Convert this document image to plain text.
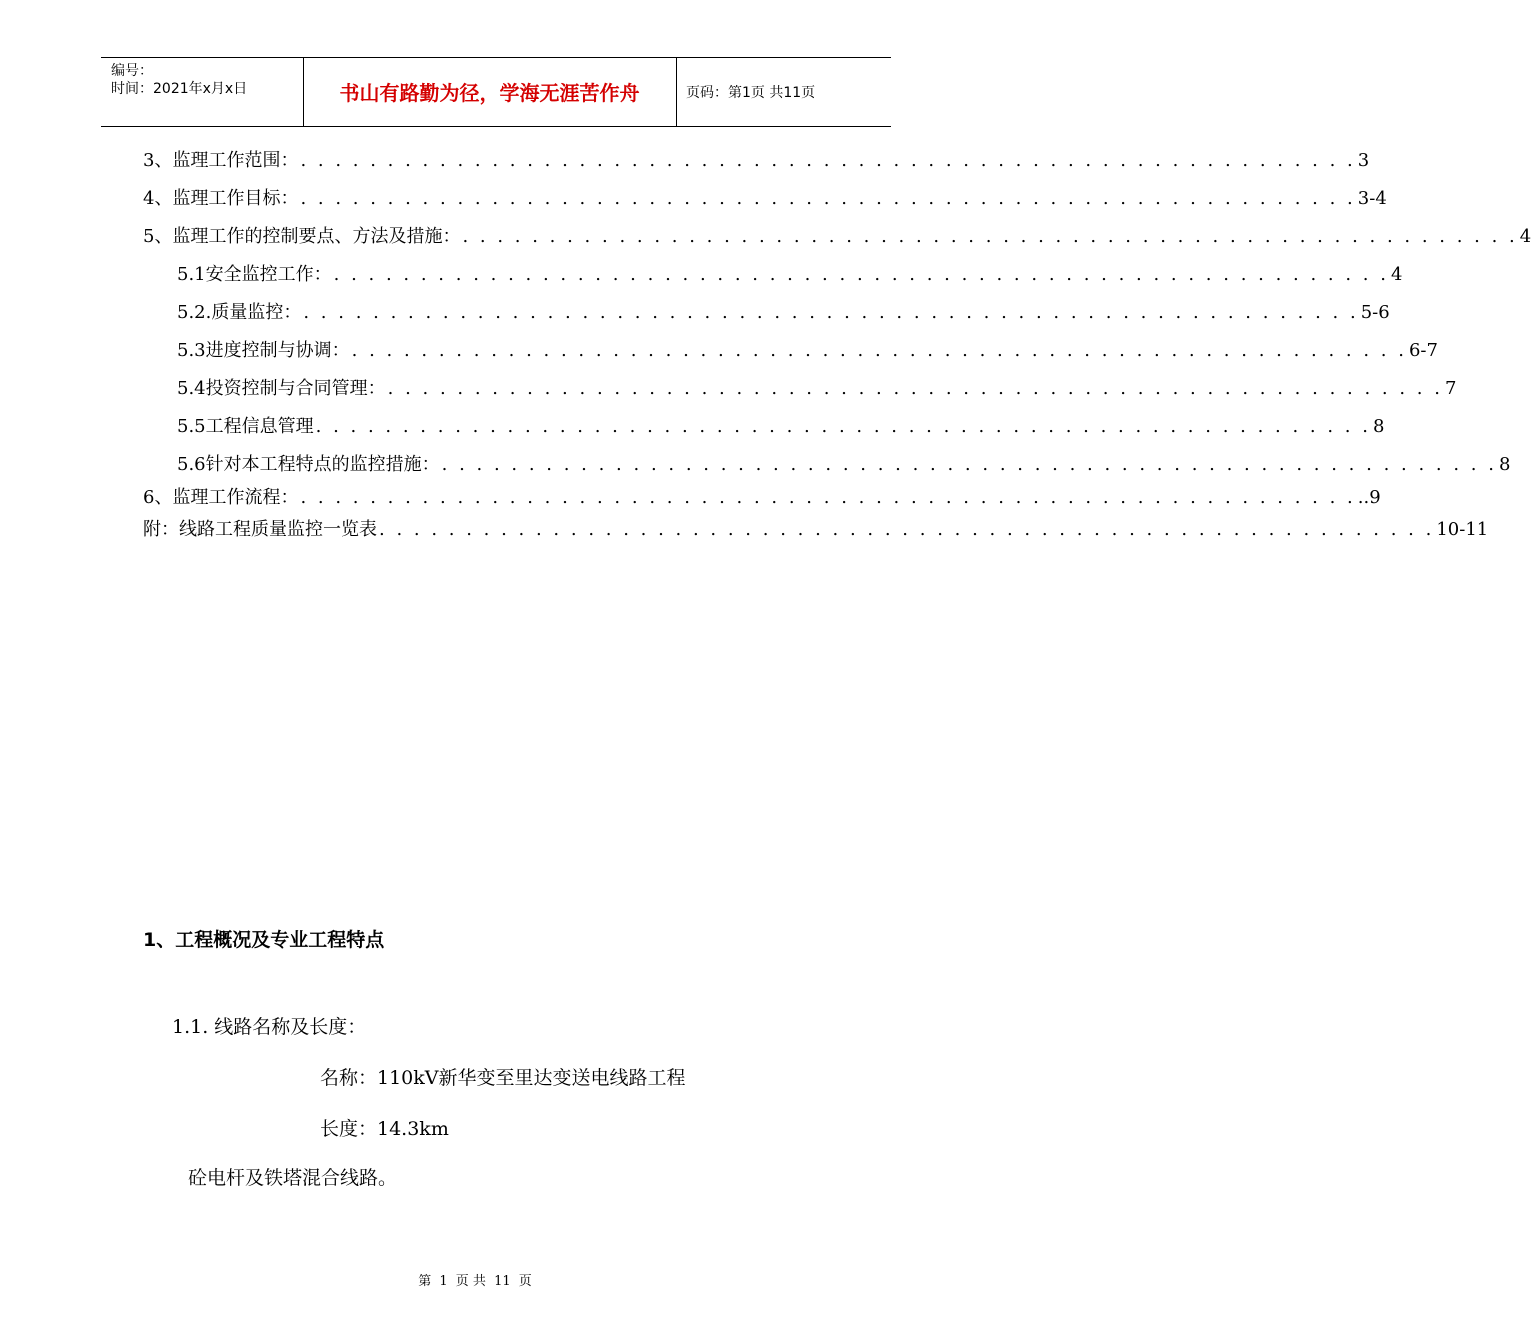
编号：
时间：2021年x月x日	书山有路勤为径，学海无涯苦作舟	页码：第1页 共11页
3、监理工作范围： . . . . . . . . . . . . . . . . . . . . . . . . . . . . . . . . . . . . . . . . . . . . . . . . . . . . . . . . . . . . . 3
4、监理工作目标： . . . . . . . . . . . . . . . . . . . . . . . . . . . . . . . . . . . . . . . . . . . . . . . . . . . . . . . . . . . . . 3-4
5、监理工作的控制要点、方法及措施： . . . . . . . . . . . . . . . . . . . . . . . . . . . . . . . . . . . . . . . . . . . . . . . . . . . . . . . . . . . . . 4
5.1安全监控工作： . . . . . . . . . . . . . . . . . . . . . . . . . . . . . . . . . . . . . . . . . . . . . . . . . . . . . . . . . . . . . 4
5.2.质量监控： . . . . . . . . . . . . . . . . . . . . . . . . . . . . . . . . . . . . . . . . . . . . . . . . . . . . . . . . . . . . . 5-6
5.3进度控制与协调： . . . . . . . . . . . . . . . . . . . . . . . . . . . . . . . . . . . . . . . . . . . . . . . . . . . . . . . . . . . . . 6-7
5.4投资控制与合同管理： . . . . . . . . . . . . . . . . . . . . . . . . . . . . . . . . . . . . . . . . . . . . . . . . . . . . . . . . . . . . . 7
5.5工程信息管理 . . . . . . . . . . . . . . . . . . . . . . . . . . . . . . . . . . . . . . . . . . . . . . . . . . . . . . . . . . . . . 8
5.6针对本工程特点的监控措施： . . . . . . . . . . . . . . . . . . . . . . . . . . . . . . . . . . . . . . . . . . . . . . . . . . . . . . . . . . . . . 8
6、监理工作流程： . . . . . . . . . . . . . . . . . . . . . . . . . . . . . . . . . . . . . . . . . . . . . . . . . . . . . . . . . . . . . ..9
附：线路工程质量监控一览表 . . . . . . . . . . . . . . . . . . . . . . . . . . . . . . . . . . . . . . . . . . . . . . . . . . . . . . . . . . . . . 10-11
1、工程概况及专业工程特点
1.1. 线路名称及长度：
名称：110kV新华变至里达变送电线路工程
长度：14.3km
砼电杆及铁塔混合线路。
第 1 页 共 11 页
